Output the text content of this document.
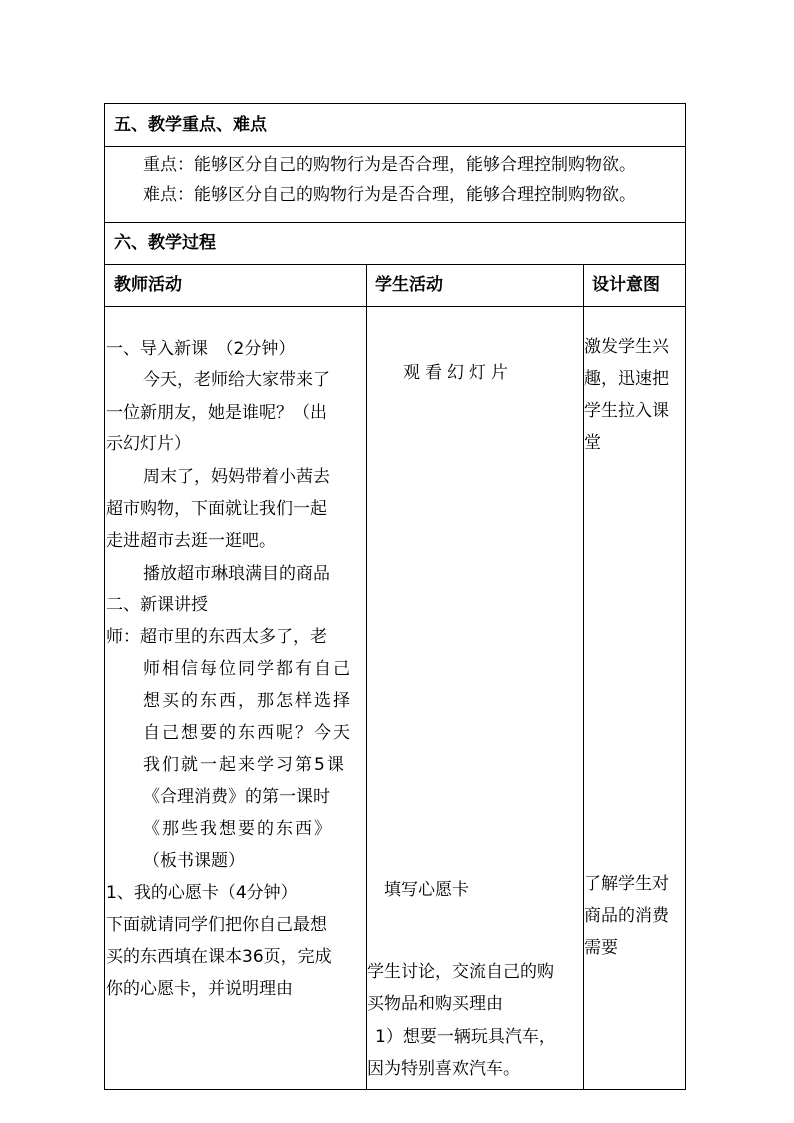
五、教学重点、难点
重点：能够区分自己的购物行为是否合理，能够合理控制购物欲。
难点：能够区分自己的购物行为是否合理，能够合理控制购物欲。
六、教学过程
教师活动	学生活动	设计意图
一、导入新课　（2分钟）
今天，老师给大家带来了
一位新朋友，她是谁呢？（出
示幻灯片）
周末了，妈妈带着小茜去
超市购物，下面就让我们一起
走进超市去逛一逛吧。
播放超市琳琅满目的商品
二、新课讲授
师：超市里的东西太多了，老
师相信每位同学都有自己
想买的东西，那怎样选择
自己想要的东西呢？今天
我们就一起来学习第5课
《合理消费》的第一课时
《那些我想要的东西》
（板书课题）
1、我的心愿卡（4分钟）
下面就请同学们把你自己最想
买的东西填在课本36页，完成
你的心愿卡，并说明理由
观看幻灯片
填写心愿卡
学生讨论，交流自己的购
买物品和购买理由
1）想要一辆玩具汽车，
因为特别喜欢汽车。
激发学生兴
趣，迅速把
学生拉入课
堂
了解学生对
商品的消费
需要
